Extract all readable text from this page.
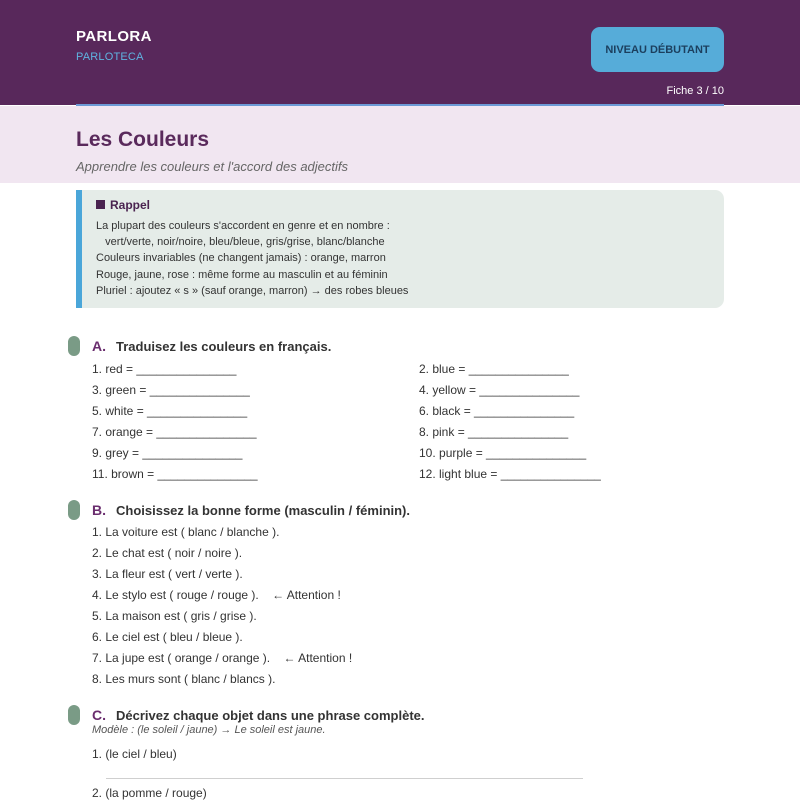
PARLORA
PARLOTECA
NIVEAU DÉBUTANT
Fiche 3 / 10
Les Couleurs
Apprendre les couleurs et l'accord des adjectifs
Rappel
La plupart des couleurs s'accordent en genre et en nombre :
vert/verte, noir/noire, bleu/bleue, gris/grise, blanc/blanche
Couleurs invariables (ne changent jamais) : orange, marron
Rouge, jaune, rose : même forme au masculin et au féminin
Pluriel : ajoutez « s » (sauf orange, marron) → des robes bleues
A. Traduisez les couleurs en français.
1. red = _______________	2. blue = _______________
3. green = _______________	4. yellow = _______________
5. white = _______________	6. black = _______________
7. orange = _______________	8. pink = _______________
9. grey = _______________	10. purple = _______________
11. brown = _______________	12. light blue = _______________
B. Choisissez la bonne forme (masculin / féminin).
1. La voiture est ( blanc / blanche ).
2. Le chat est ( noir / noire ).
3. La fleur est ( vert / verte ).
4. Le stylo est ( rouge / rouge ).    ← Attention !
5. La maison est ( gris / grise ).
6. Le ciel est ( bleu / bleue ).
7. La jupe est ( orange / orange ).    ← Attention !
8. Les murs sont ( blanc / blancs ).
C. Décrivez chaque objet dans une phrase complète.
Modèle : (le soleil / jaune) → Le soleil est jaune.
1. (le ciel / bleu)
2. (la pomme / rouge)
